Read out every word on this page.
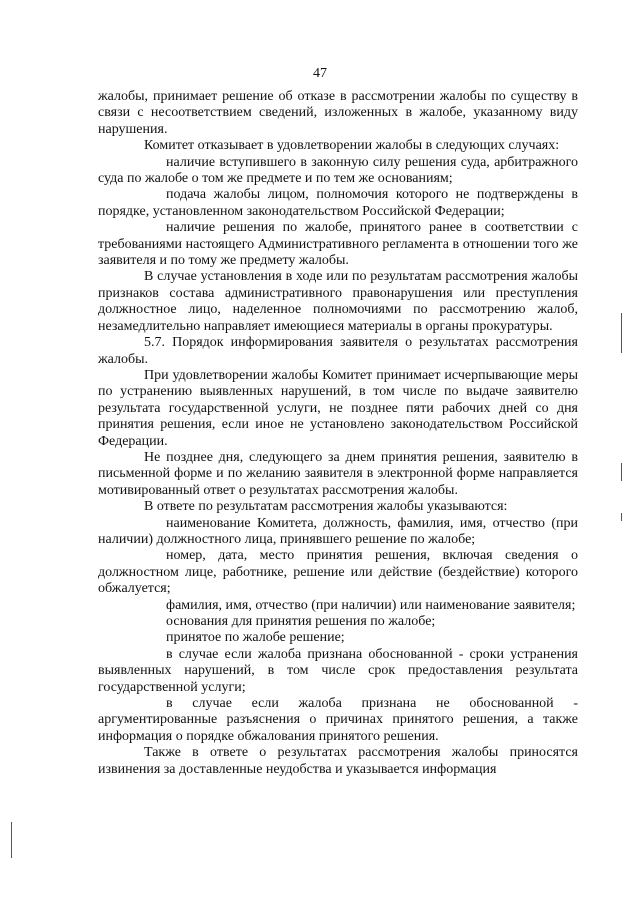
47

жалобы, принимает решение об отказе в рассмотрении жалобы по существу в связи с несоответствием сведений, изложенных в жалобе, указанному виду нарушения.

Комитет отказывает в удовлетворении жалобы в следующих случаях:

наличие вступившего в законную силу решения суда, арбитражного суда по жалобе о том же предмете и по тем же основаниям;

подача жалобы лицом, полномочия которого не подтверждены в порядке, установленном законодательством Российской Федерации;

наличие решения по жалобе, принятого ранее в соответствии с требованиями настоящего Административного регламента в отношении того же заявителя и по тому же предмету жалобы.

В случае установления в ходе или по результатам рассмотрения жалобы признаков состава административного правонарушения или преступления должностное лицо, наделенное полномочиями по рассмотрению жалоб, незамедлительно направляет имеющиеся материалы в органы прокуратуры.

5.7. Порядок информирования заявителя о результатах рассмотрения жалобы.

При удовлетворении жалобы Комитет принимает исчерпывающие меры по устранению выявленных нарушений, в том числе по выдаче заявителю результата государственной услуги, не позднее пяти рабочих дней со дня принятия решения, если иное не установлено законодательством Российской Федерации.

Не позднее дня, следующего за днем принятия решения, заявителю в письменной форме и по желанию заявителя в электронной форме направляется мотивированный ответ о результатах рассмотрения жалобы.

В ответе по результатам рассмотрения жалобы указываются:

наименование Комитета, должность, фамилия, имя, отчество (при наличии) должностного лица, принявшего решение по жалобе;

номер, дата, место принятия решения, включая сведения о должностном лице, работнике, решение или действие (бездействие) которого обжалуется;

фамилия, имя, отчество (при наличии) или наименование заявителя;

основания для принятия решения по жалобе;

принятое по жалобе решение;

в случае если жалоба признана обоснованной - сроки устранения выявленных нарушений, в том числе срок предоставления результата государственной услуги;

в случае если жалоба признана не обоснованной - аргументированные разъяснения о причинах принятого решения, а также информация о порядке обжалования принятого решения.

Также в ответе о результатах рассмотрения жалобы приносятся извинения за доставленные неудобства и указывается информация
